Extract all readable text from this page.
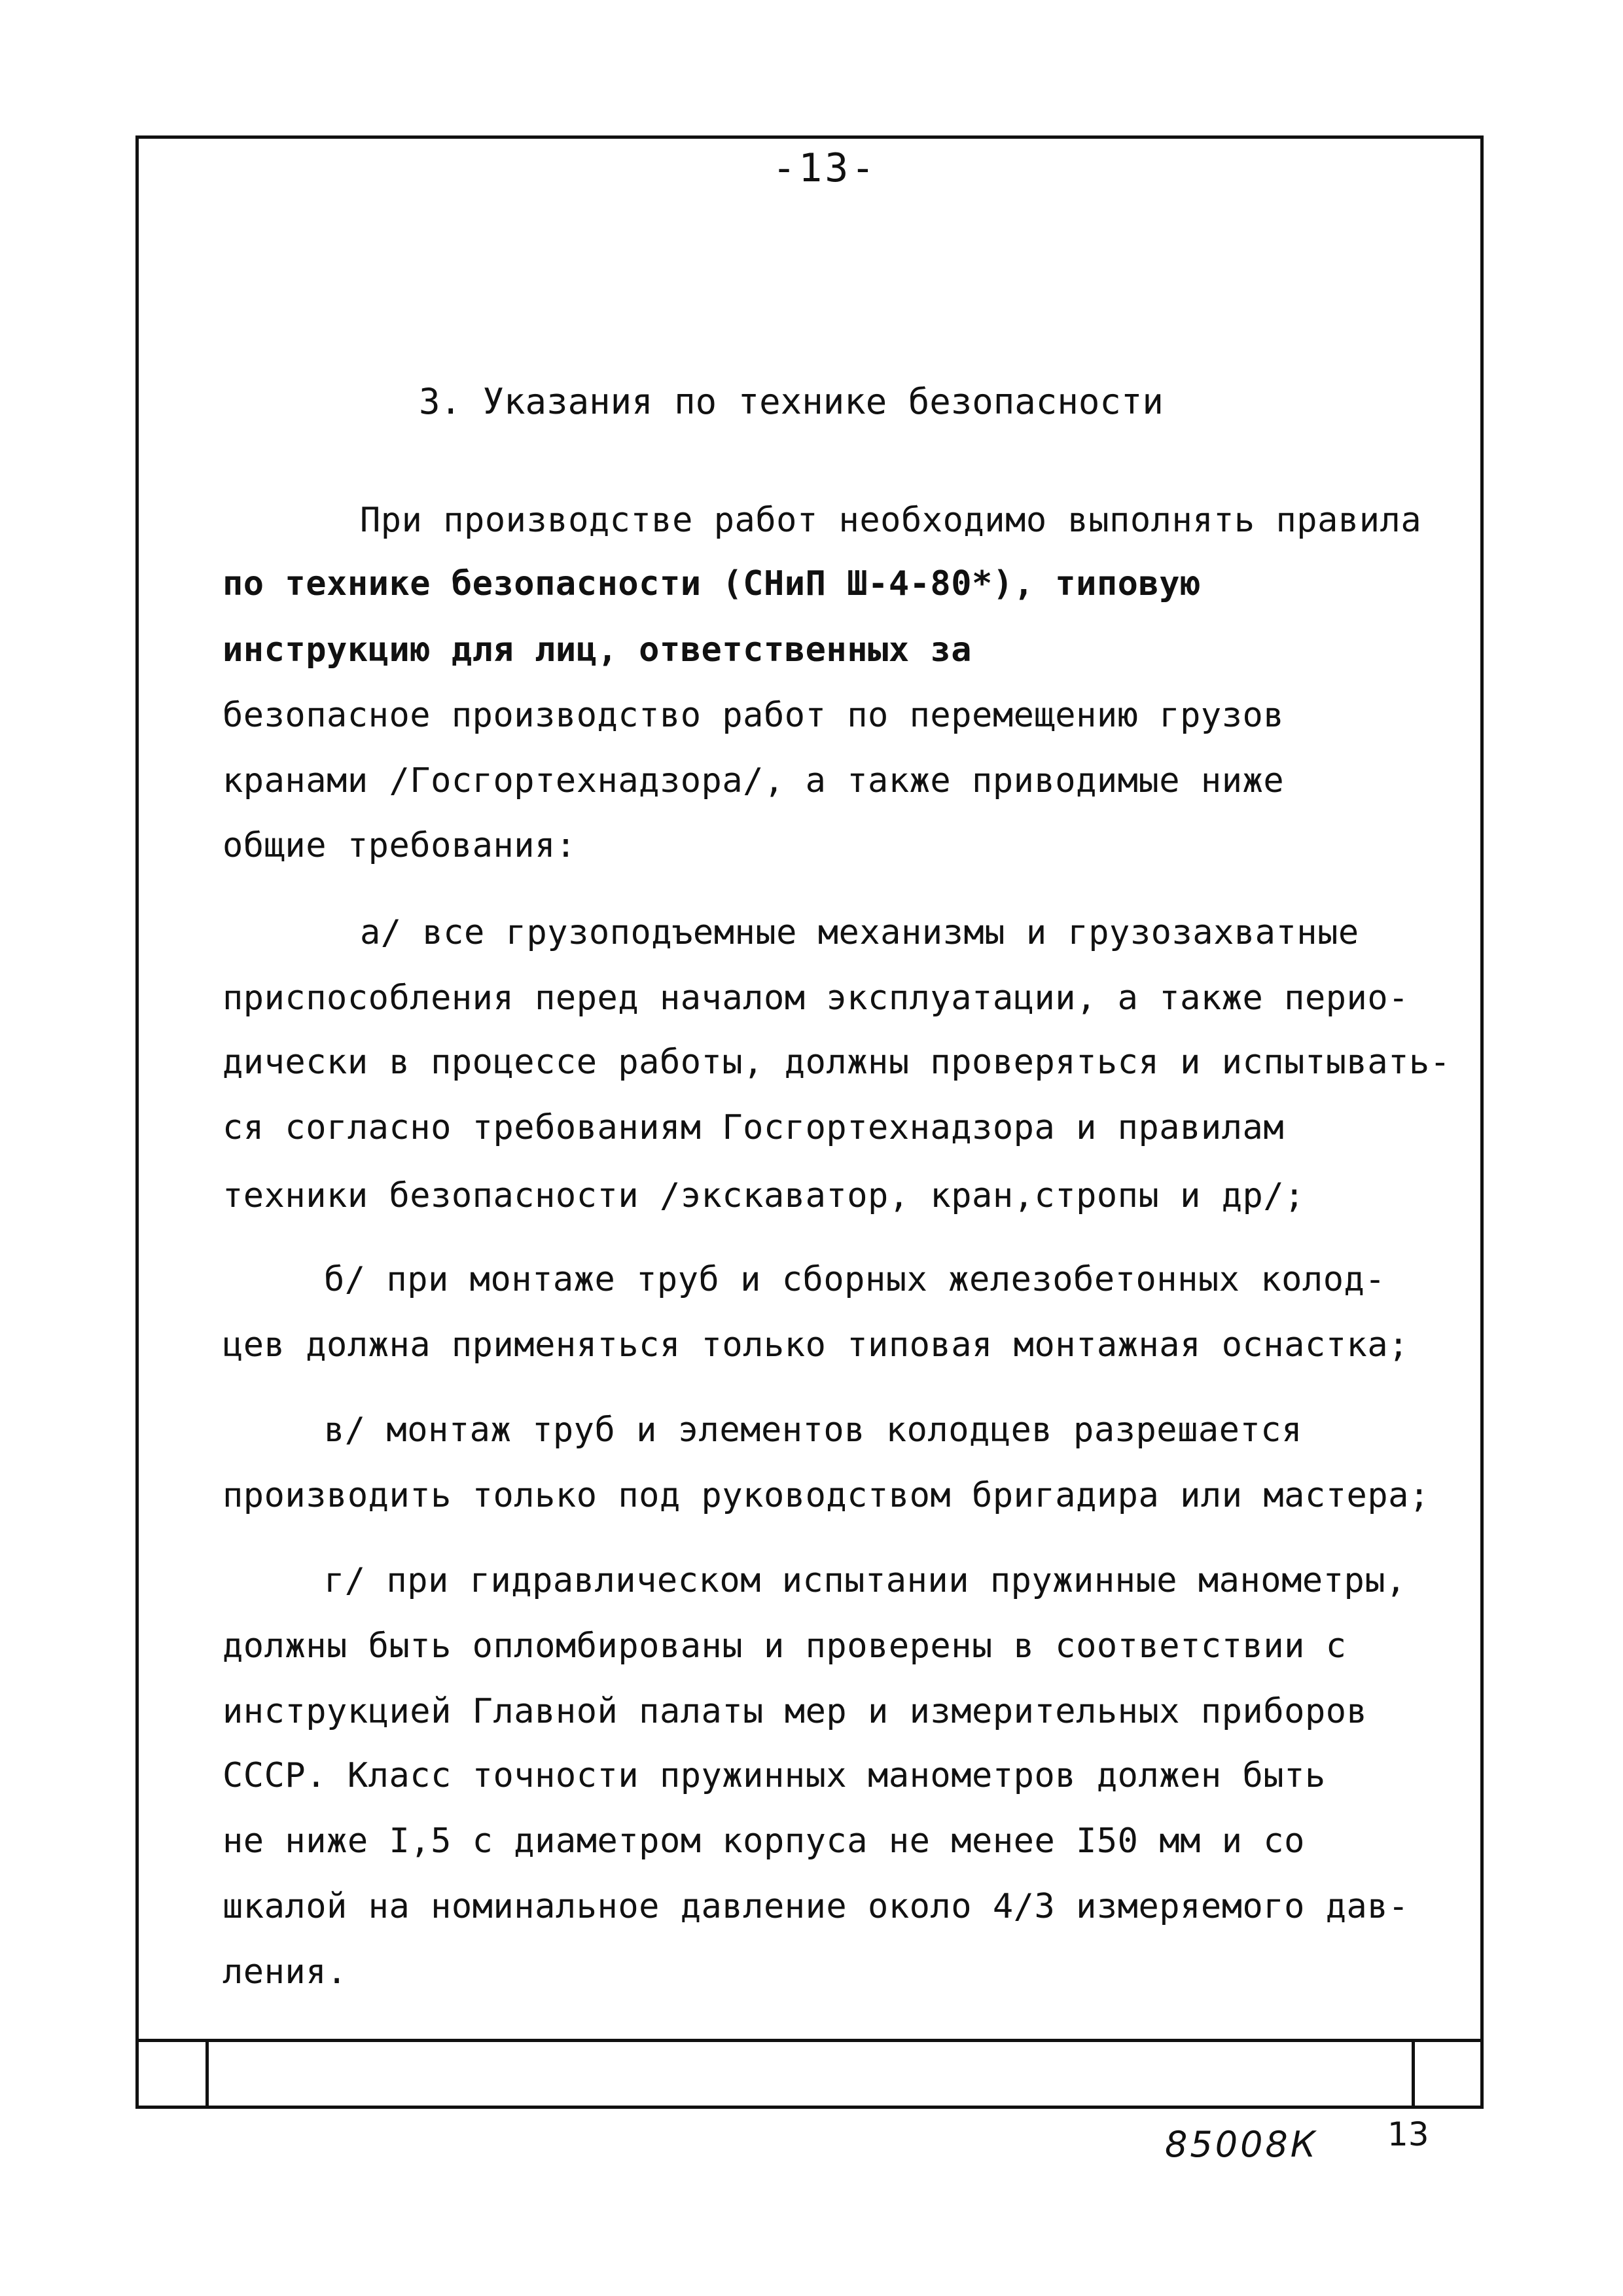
-13-
3. Указания по технике безопасности
При производстве работ необходимо выполнять правила
по технике безопасности (СНиП Ш-4-80*), типовую
инструкцию для лиц, ответственных за
безопасное производство работ по перемещению грузов
кранами /Госгортехнадзора/, а также приводимые ниже
общие требования:
а/ все грузоподъемные механизмы и грузозахватные
приспособления перед началом эксплуатации, а также перио-
дически в процессе работы, должны проверяться и испытывать-
ся согласно требованиям Госгортехнадзора и правилам
техники безопасности /экскаватор, кран,стропы и др/;
б/ при монтаже труб и сборных железобетонных колод-
цев должна применяться только типовая монтажная оснастка;
в/ монтаж труб и элементов колодцев разрешается
производить только под руководством бригадира или мастера;
г/ при гидравлическом испытании пружинные манометры,
должны быть опломбированы и проверены в соответствии с
инструкцией Главной палаты мер и измерительных приборов
СССР. Класс точности пружинных манометров должен быть
не ниже I,5 с диаметром корпуса не менее I50 мм и со
шкалой на номинальное давление около 4/3 измеряемого дав-
ления.
85008К 13
